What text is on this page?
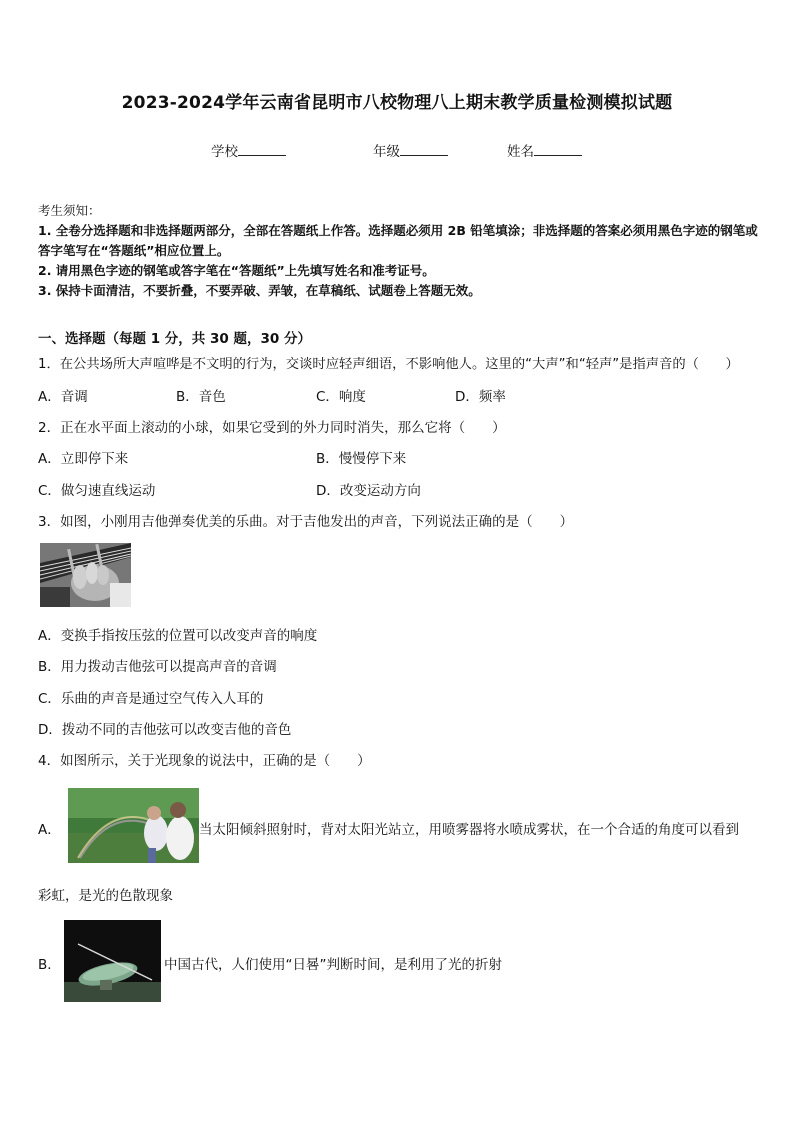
2023-2024学年云南省昆明市八校物理八上期末教学质量检测模拟试题
学校	年级	姓名
考生须知：
1. 全卷分选择题和非选择题两部分，全部在答题纸上作答。选择题必须用 2B 铅笔填涂；非选择题的答案必须用黑色字迹的钢笔或答字笔写在“答题纸”相应位置上。
2. 请用黑色字迹的钢笔或答字笔在“答题纸”上先填写姓名和准考证号。
3. 保持卡面清洁，不要折叠，不要弄破、弄皱，在草稿纸、试题卷上答题无效。
一、选择题（每题 1 分，共 30 题，30 分）
1．在公共场所大声喧哗是不文明的行为，交谈时应轻声细语，不影响他人。这里的“大声”和“轻声”是指声音的（　　）
A．音调	B．音色	C．响度	D．频率
2．正在水平面上滚动的小球，如果它受到的外力同时消失，那么它将（　　）
A．立即停下来	B．慢慢停下来
C．做匀速直线运动	D．改变运动方向
3．如图，小刚用吉他弹奏优美的乐曲。对于吉他发出的声音，下列说法正确的是（　　）
A．变换手指按压弦的位置可以改变声音的响度
B．用力拨动吉他弦可以提高声音的音调
C．乐曲的声音是通过空气传入人耳的
D．拨动不同的吉他弦可以改变吉他的音色
4．如图所示，关于光现象的说法中，正确的是（　　）
A．	当太阳倾斜照射时，背对太阳光站立，用喷雾器将水喷成雾状，在一个合适的角度可以看到
彩虹，是光的色散现象
B．	中国古代，人们使用“日晷”判断时间，是利用了光的折射
